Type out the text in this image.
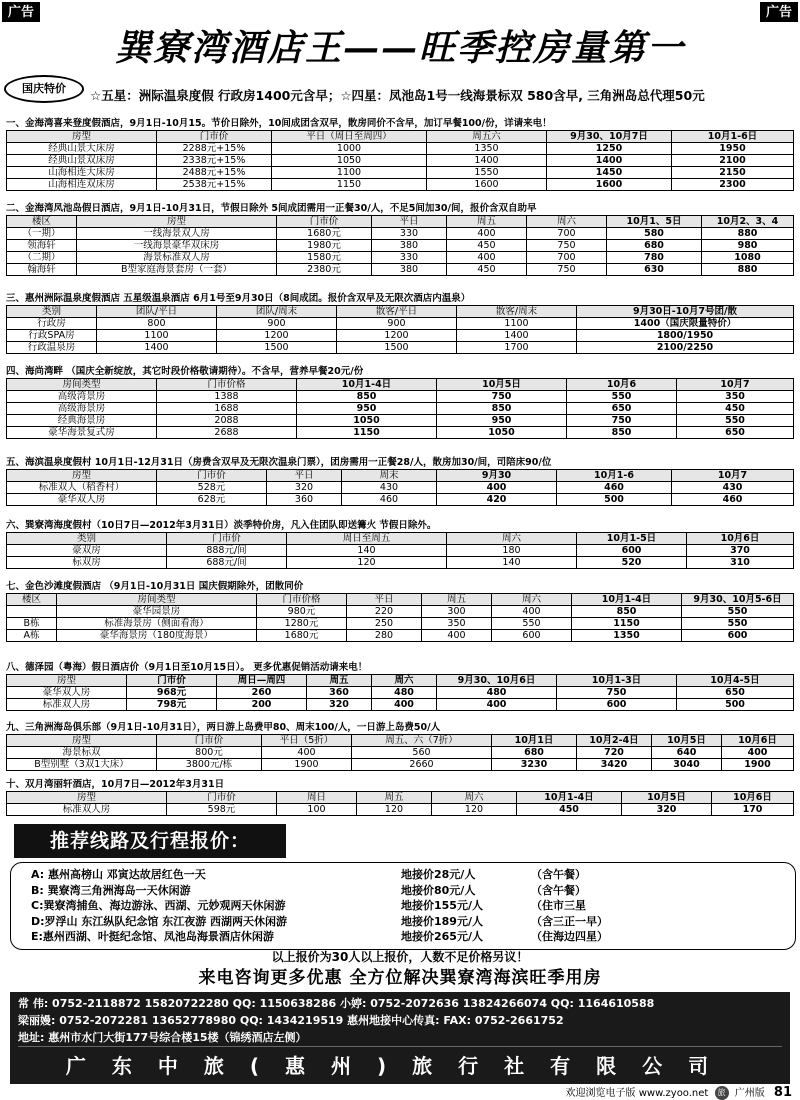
广告	广告
巽寮湾酒店王——旺季控房量第一
国庆特价	☆五星：洲际温泉度假 行政房1400元含早；☆四星：凤池岛1号一线海景标双 580含早, 三角洲岛总代理50元
一、金海湾喜来登度假酒店，9月1日-10月15。节价日除外，10间成团含双早，散房同价不含早，加订早餐100/份，详请来电！
房型	门市价	平日（周日至周四）	周五六	9月30、10月7日	10月1-6日
经典山景大床房	2288元+15%	1000	1350	1250	1950
经典山景双床房	2338元+15%	1050	1400	1400	2100
山海相连大床房	2488元+15%	1100	1550	1450	2150
山海相连双床房	2538元+15%	1150	1600	1600	2300
二、金海湾凤池岛假日酒店，9月1日-10月31日，节假日除外 5间成团需用一正餐30/人，不足5间加30/间，报价含双自助早
楼区	房型	门市价	平日	周五	周六	10月1、5日	10月2、3、4
（一期）	一线海景双人房	1680元	330	400	700	580	880
领海轩	一线海景豪华双床房	1980元	380	450	750	680	980
（二期）	海景标准双人房	1580元	330	400	700	780	1080
翰海轩	B型家庭海景套房（一套）	2380元	380	450	750	630	880
三、惠州洲际温泉度假酒店 五星级温泉酒店 6月1号至9月30日（8间成团。报价含双早及无限次酒店内温泉）
类别	团队/平日	团队/周末	散客/平日	散客/周末	9月30日-10月7号团/散
行政房	800	900	900	1100	1400（国庆限量特价）
行政SPA房	1100	1200	1200	1400	1800/1950
行政温泉房	1400	1500	1500	1700	2100/2250
四、海尚湾畔 （国庆全新绽放，其它时段价格敬请期待）。不含早，营养早餐20元/份
房间类型	门市价格	10月1-4日	10月5日	10月6	10月7
高级湾景房	1388	850	750	550	350
高级海景房	1688	950	850	650	450
经典海景房	2088	1050	950	750	550
豪华海景复式房	2688	1150	1050	850	650
五、海滨温泉度假村 10月1日-12月31日（房费含双早及无限次温泉门票），团房需用一正餐28/人，散房加30/间，司陪床90/位
房型	门市价	平日	周末	9月30	10月1-6	10月7
标准双人（稻香村）	528元	320	430	400	460	430
豪华双人房	628元	360	460	420	500	460
六、巽寮湾海度假村（10日7日—2012年3月31日）淡季特价房，凡入住团队即送篝火 节假日除外。
类别	门市价	周日至周五	周六	10月1-5日	10月6日
豪双房	888元/间	140	180	600	370
标双房	688元/间	120	140	520	310
七、金色沙滩度假酒店 （9月1日-10月31日 国庆假期除外，团散同价
楼区	房间类型	门市价格	平日	周五	周六	10月1-4日	9月30、10月5-6日
	豪华园景房	980元	220	300	400	850	550
B栋	标准海景房（侧面看海）	1280元	250	350	550	1150	550
A栋	豪华海景房（180度海景）	1680元	280	400	600	1350	600
八、德泽园（粤海）假日酒店价（9月1日至10月15日）。 更多优惠促销活动请来电！
房型	门市价	周日—周四	周五	周六	9月30、10月6日	10月1-3日	10月4-5日
豪华双人房	968元	260	360	480	480	750	650
标准双人房	798元	200	320	400	400	600	500
九、三角洲海岛俱乐部（9月1日-10月31日），两日游上岛费甲80、周末100/人，一日游上岛费50/人
房型	门市价	平日（5折）	周五、六（7折）	10月1日	10月2-4日	10月5日	10月6日
海景标双	800元	400	560	680	720	640	400
B型别墅（3双1大床）	3800元/栋	1900	2660	3230	3420	3040	1900
十、双月湾丽轩酒店，10月7日—2012年3月31日
房型	门市价	周日	周五	周六	10月1-4日	10月5日	10月6日
标准双人房	598元	100	120	120	450	320	170
推荐线路及行程报价：
A: 惠州高榜山 邓寅达故居红色一天	地接价28元/人	（含午餐）
B: 巽寮湾三角洲海岛一天休闲游	地接价80元/人	（含午餐）
C:巽寮湾捕鱼、海边游泳、西湖、元妙观两天休闲游	地接价155元/人	（住市三星
D:罗浮山 东江纵队纪念馆 东江夜游 西湖两天休闲游	地接价189元/人	（含三正一早）
E:惠州西湖、叶挺纪念馆、凤池岛海景酒店休闲游	地接价265元/人	（住海边四星）
以上报价为30人以上报价，人数不足价格另议！
来电咨询更多优惠 全方位解决巽寮湾海滨旺季用房
常 伟: 0752-2118872 15820722280 QQ: 1150638286 小婷: 0752-2072636 13824266074 QQ: 1164610588
梁丽嫚: 0752-2072281 13652778980 QQ: 1434219519 惠州地接中心传真: FAX: 0752-2661752
地址: 惠州市水门大街177号综合楼15楼（锦绣酒店左侧）
广东中旅(惠州)旅行社有限公司
欢迎浏览电子版 www.zyoo.net 旅 广州版 81
